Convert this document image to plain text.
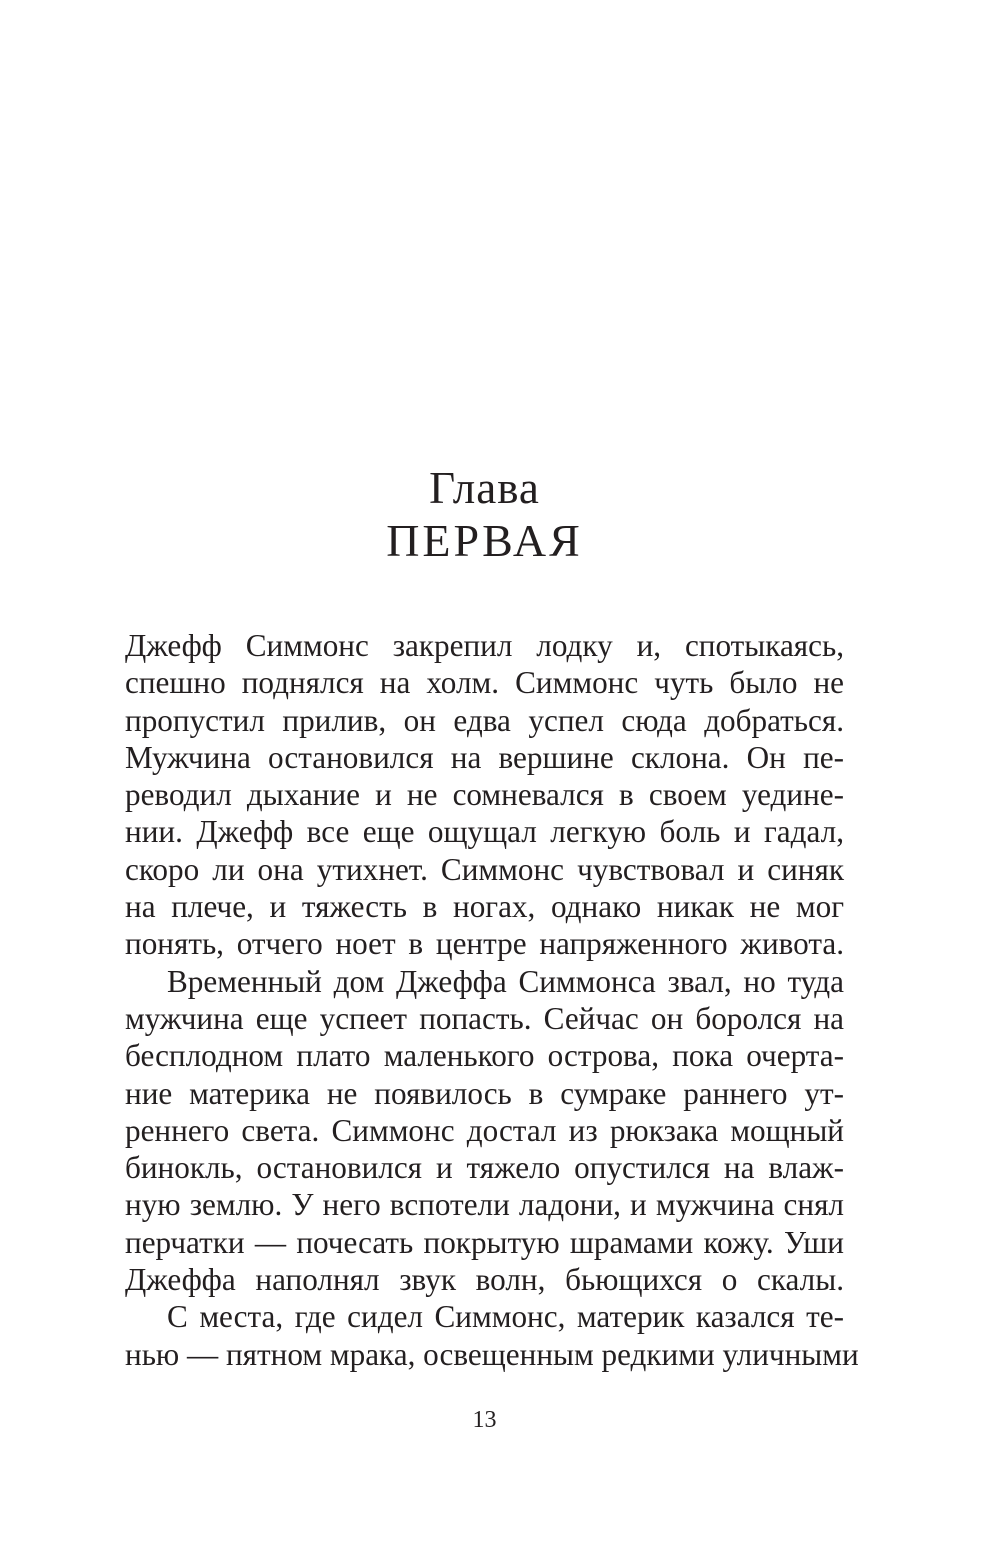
Глава
ПЕРВАЯ
Джефф Симмонс закрепил лодку и, спотыкаясь,
спешно поднялся на холм. Симмонс чуть было не
пропустил прилив, он едва успел сюда добраться.
Мужчина остановился на вершине склона. Он пе-
реводил дыхание и не сомневался в своем уедине-
нии. Джефф все еще ощущал легкую боль и гадал,
скоро ли она утихнет. Симмонс чувствовал и синяк
на плече, и тяжесть в ногах, однако никак не мог
понять, отчего ноет в центре напряженного живота.
Временный дом Джеффа Симмонса звал, но туда
мужчина еще успеет попасть. Сейчас он боролся на
бесплодном плато маленького острова, пока очерта-
ние материка не появилось в сумраке раннего ут-
реннего света. Симмонс достал из рюкзака мощный
бинокль, остановился и тяжело опустился на влаж-
ную землю. У него вспотели ладони, и мужчина снял
перчатки — почесать покрытую шрамами кожу. Уши
Джеффа наполнял звук волн, бьющихся о скалы.
С места, где сидел Симмонс, материк казался те-
нью — пятном мрака, освещенным редкими уличными
13
